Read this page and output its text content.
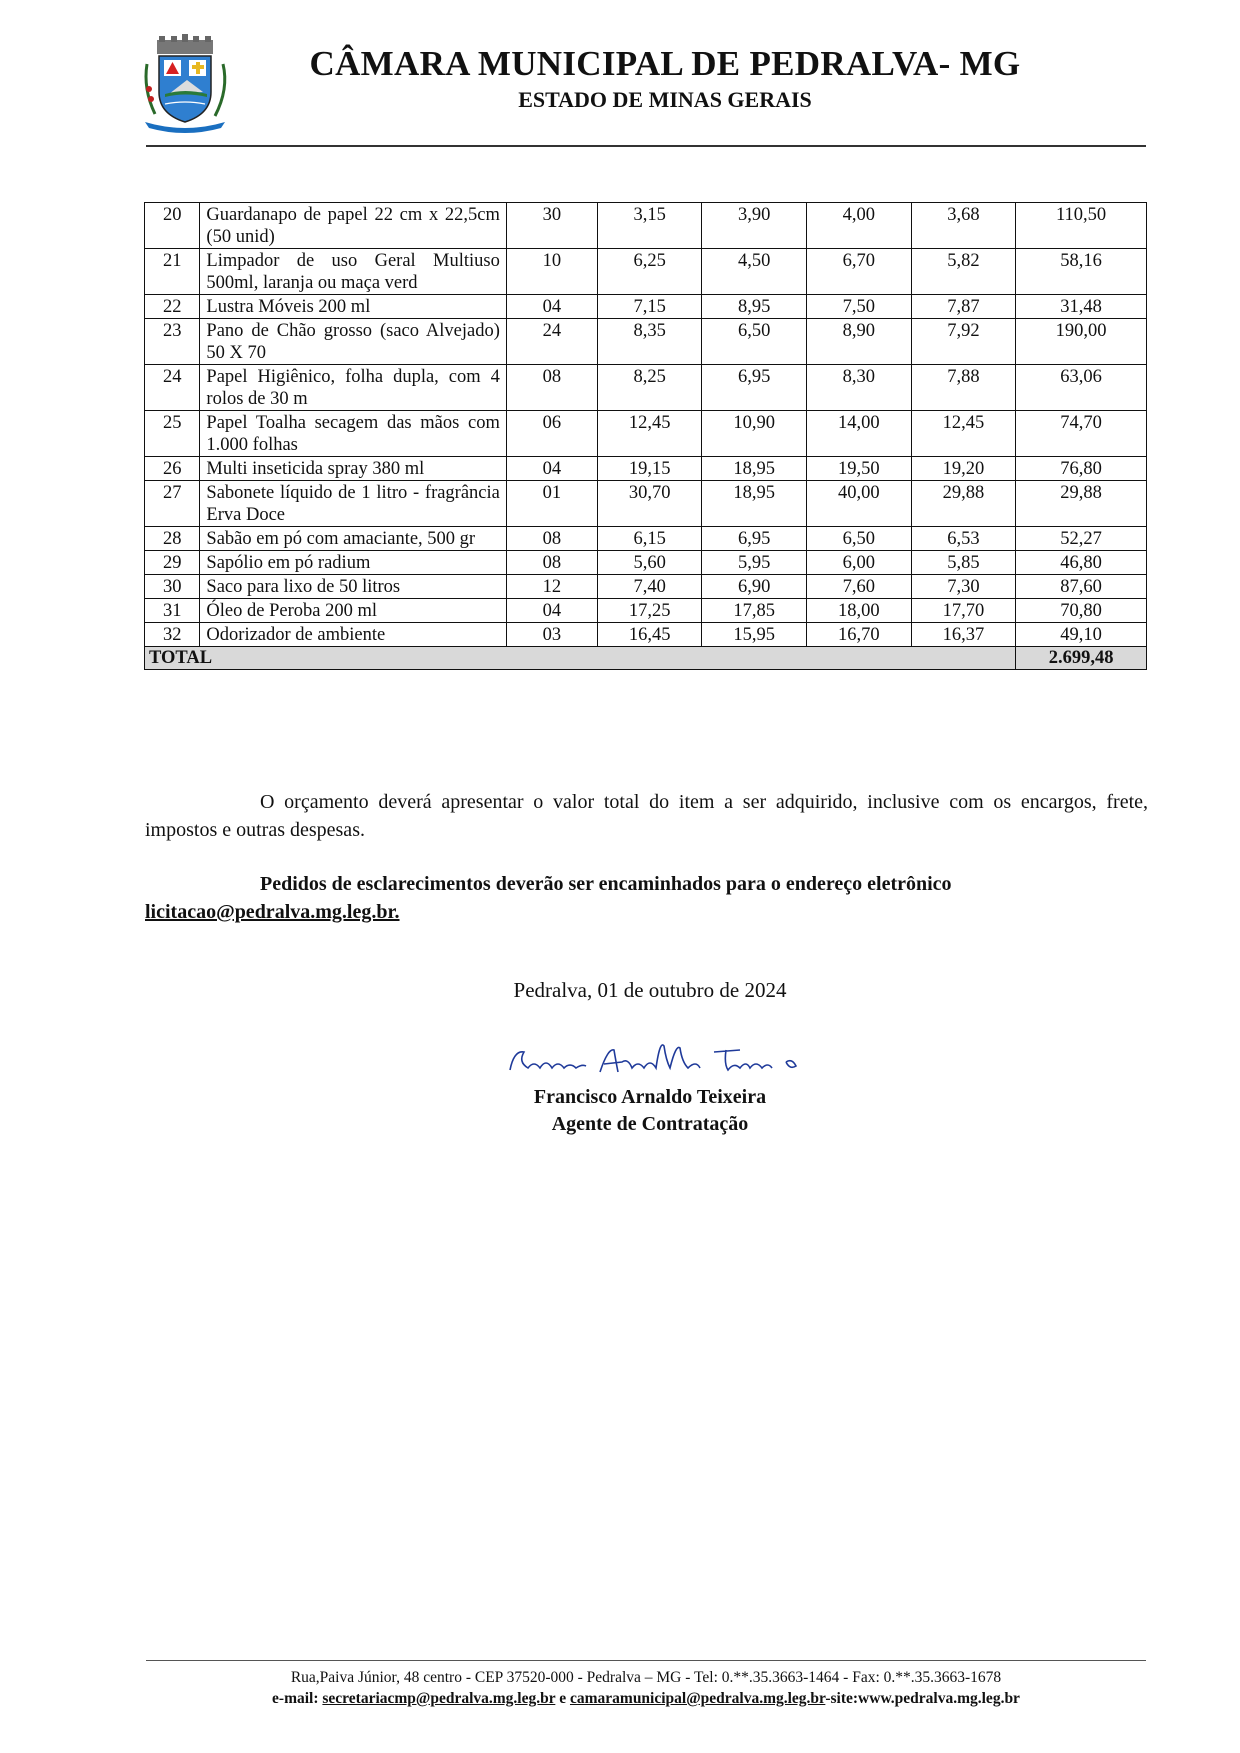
CÂMARA MUNICIPAL DE PEDRALVA- MG
ESTADO DE MINAS GERAIS
20	Guardanapo de papel 22 cm x 22,5cm (50 unid)	30	3,15	3,90	4,00	3,68	110,50
21	Limpador de uso Geral Multiuso 500ml, laranja ou maça verd	10	6,25	4,50	6,70	5,82	58,16
22	Lustra Móveis 200 ml	04	7,15	8,95	7,50	7,87	31,48
23	Pano de Chão grosso (saco Alvejado) 50 X 70	24	8,35	6,50	8,90	7,92	190,00
24	Papel Higiênico, folha dupla, com 4 rolos de 30 m	08	8,25	6,95	8,30	7,88	63,06
25	Papel Toalha secagem das mãos com 1.000 folhas	06	12,45	10,90	14,00	12,45	74,70
26	Multi inseticida spray 380 ml	04	19,15	18,95	19,50	19,20	76,80
27	Sabonete líquido de 1 litro - fragrância Erva Doce	01	30,70	18,95	40,00	29,88	29,88
28	Sabão em pó com amaciante, 500 gr	08	6,15	6,95	6,50	6,53	52,27
29	Sapólio em pó radium	08	5,60	5,95	6,00	5,85	46,80
30	Saco para lixo de 50 litros	12	7,40	6,90	7,60	7,30	87,60
31	Óleo de Peroba 200 ml	04	17,25	17,85	18,00	17,70	70,80
32	Odorizador de ambiente	03	16,45	15,95	16,70	16,37	49,10
TOTAL							2.699,48
O orçamento deverá apresentar o valor total do item a ser adquirido, inclusive com os encargos, frete, impostos e outras despesas.
Pedidos de esclarecimentos deverão ser encaminhados para o endereço eletrônico
licitacao@pedralva.mg.leg.br.
Pedralva, 01 de outubro de 2024
Francisco Arnaldo Teixeira
Agente de Contratação
Rua,Paiva Júnior, 48 centro - CEP 37520-000 - Pedralva – MG - Tel: 0.**.35.3663-1464 - Fax: 0.**.35.3663-1678
e-mail: secretariacmp@pedralva.mg.leg.br e camaramunicipal@pedralva.mg.leg.br-site:www.pedralva.mg.leg.br
